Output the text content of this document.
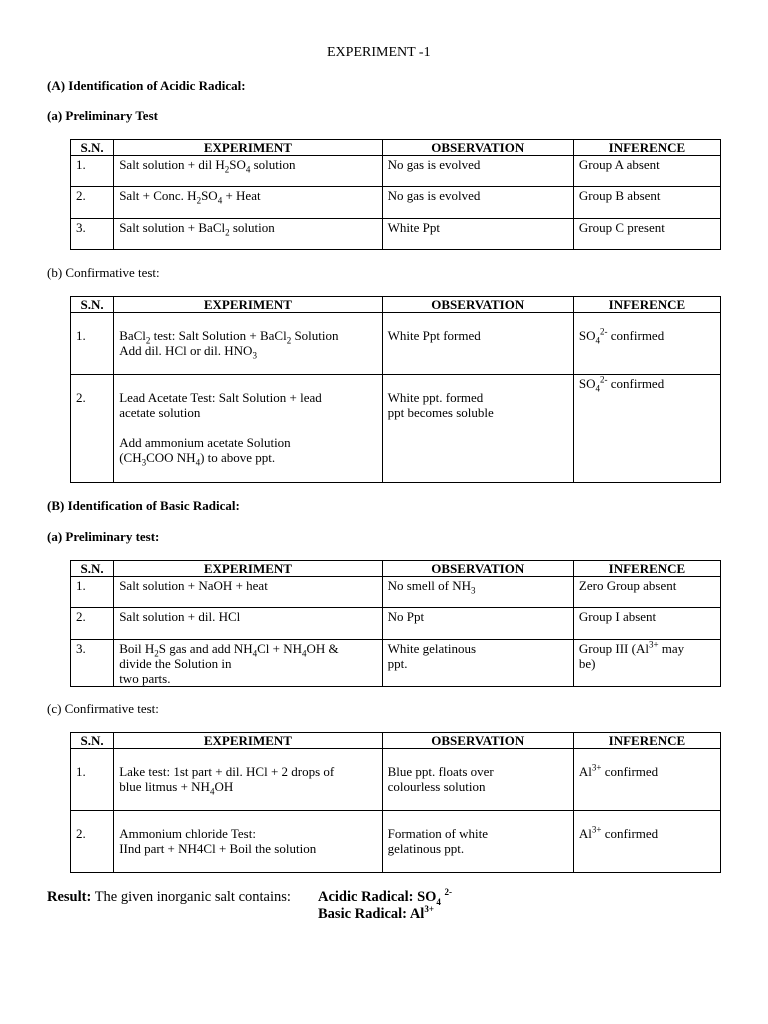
EXPERIMENT -1
(A) Identification of Acidic Radical:
(a) Preliminary Test
S.N.	EXPERIMENT	OBSERVATION	INFERENCE
1.	Salt solution + dil $H_2SO_4$ solution	No gas is evolved	Group A absent
2.	Salt + Conc. $H_2SO_4$ + Heat	No gas is evolved	Group B absent
3.	Salt solution + BaCl$_2$ solution	White Ppt	Group C present
(b) Confirmative test:
S.N.	EXPERIMENT	OBSERVATION	INFERENCE
1.	BaCl$_2$ test: Salt Solution + BaCl$_2$ Solution
Add dil. HCl or dil. $HNO_3$	White Ppt formed	$SO_4^{2-}$ confirmed
2.	Lead Acetate Test: Salt Solution + lead
acetate solution

Add ammonium acetate Solution
($CH_3COO$ $NH_4$) to above ppt.	White ppt. formed
ppt becomes soluble	$SO_4^{2-}$ confirmed
(B) Identification of Basic Radical:
(a) Preliminary test:
S.N.	EXPERIMENT	OBSERVATION	INFERENCE
1.	Salt solution + NaOH + heat	No smell of $NH_3$	Zero Group absent
2.	Salt solution + dil. HCl	No Ppt	Group I absent
3.	Boil $H_2S$ gas and add $NH_4Cl + NH_4OH$ &
divide the Solution in
two parts.	White gelatinous
ppt.	Group III ($Al^{3+}$ may
be)
(c) Confirmative test:
S.N.	EXPERIMENT	OBSERVATION	INFERENCE
1.	Lake test: 1st part + dil. HCl + 2 drops of
blue litmus + $NH_4OH$	Blue ppt. floats over
colourless solution	$Al^{3+}$ confirmed
2.	Ammonium chloride Test:
IInd part + NH4Cl + Boil the solution	Formation of white
gelatinous ppt.	$Al^{3+}$ confirmed
Result: The given inorganic salt contains: Acidic Radical: $SO_4$ $^{2-}$
Basic Radical: $Al^{3+}$
